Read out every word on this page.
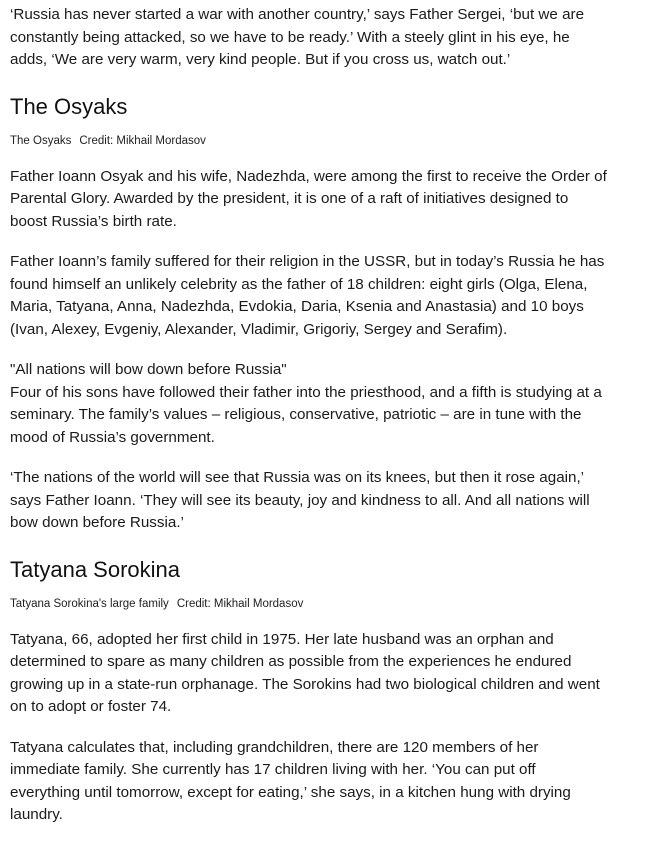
‘Russia has never started a war with another country,’ says Father Sergei, ‘but we are
constantly being attacked, so we have to be ready.’ With a steely glint in his eye, he
adds, ‘We are very warm, very kind people. But if you cross us, watch out.’

The Osyaks

The Osyaks Credit: Mikhail Mordasov

Father Ioann Osyak and his wife, Nadezhda, were among the first to receive the Order of
Parental Glory. Awarded by the president, it is one of a raft of initiatives designed to
boost Russia’s birth rate.

Father Ioann’s family suffered for their religion in the USSR, but in today’s Russia he has
found himself an unlikely celebrity as the father of 18 children: eight girls (Olga, Elena,
Maria, Tatyana, Anna, Nadezhda, Evdokia, Daria, Ksenia and Anastasia) and 10 boys
(Ivan, Alexey, Evgeniy, Alexander, Vladimir, Grigoriy, Sergey and Serafim).

"All nations will bow down before Russia"

Four of his sons have followed their father into the priesthood, and a fifth is studying at a
seminary. The family’s values – religious, conservative, patriotic – are in tune with the
mood of Russia’s government.

‘The nations of the world will see that Russia was on its knees, but then it rose again,’
says Father Ioann. ‘They will see its beauty, joy and kindness to all. And all nations will
bow down before Russia.’

Tatyana Sorokina

Tatyana Sorokina's large family Credit: Mikhail Mordasov

Tatyana, 66, adopted her first child in 1975. Her late husband was an orphan and
determined to spare as many children as possible from the experiences he endured
growing up in a state-run orphanage. The Sorokins had two biological children and went
on to adopt or foster 74.

Tatyana calculates that, including grandchildren, there are 120 members of her
immediate family. She currently has 17 children living with her. ‘You can put off
everything until tomorrow, except for eating,’ she says, in a kitchen hung with drying
laundry.
